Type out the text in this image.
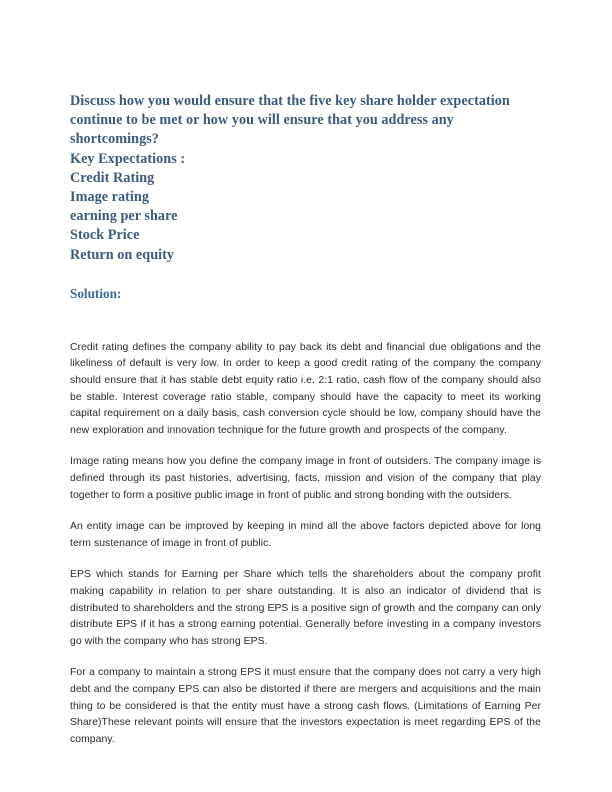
Discuss how you would ensure that the five key share holder expectation continue to be met or how you will ensure that you address any shortcomings?
Key Expectations :
Credit Rating
Image rating
earning per share
Stock Price
Return on equity
Solution:

Credit rating defines the company ability to pay back its debt and financial due obligations and the likeliness of default is very low. In order to keep a good credit rating of the company the company should ensure that it has stable debt equity ratio i.e. 2:1 ratio, cash flow of the company should also be stable. Interest coverage ratio stable, company should have the capacity to meet its working capital requirement on a daily basis, cash conversion cycle should be low, company should have the new exploration and innovation technique for the future growth and prospects of the company.

Image rating means how you define the company image in front of outsiders. The company image is defined through its past histories, advertising, facts, mission and vision of the company that play together to form a positive public image in front of public and strong bonding with the outsiders.

An entity image can be improved by keeping in mind all the above factors depicted above for long term sustenance of image in front of public.

EPS which stands for Earning per Share which tells the shareholders about the company profit making capability in relation to per share outstanding. It is also an indicator of dividend that is distributed to shareholders and the strong EPS is a positive sign of growth and the company can only distribute EPS if it has a strong earning potential. Generally before investing in a company investors go with the company who has strong EPS.

For a company to maintain a strong EPS it must ensure that the company does not carry a very high debt and the company EPS can also be distorted if there are mergers and acquisitions and the main thing to be considered is that the entity must have a strong cash flows. (Limitations of Earning Per Share)These relevant points will ensure that the investors expectation is meet regarding EPS of the company.
